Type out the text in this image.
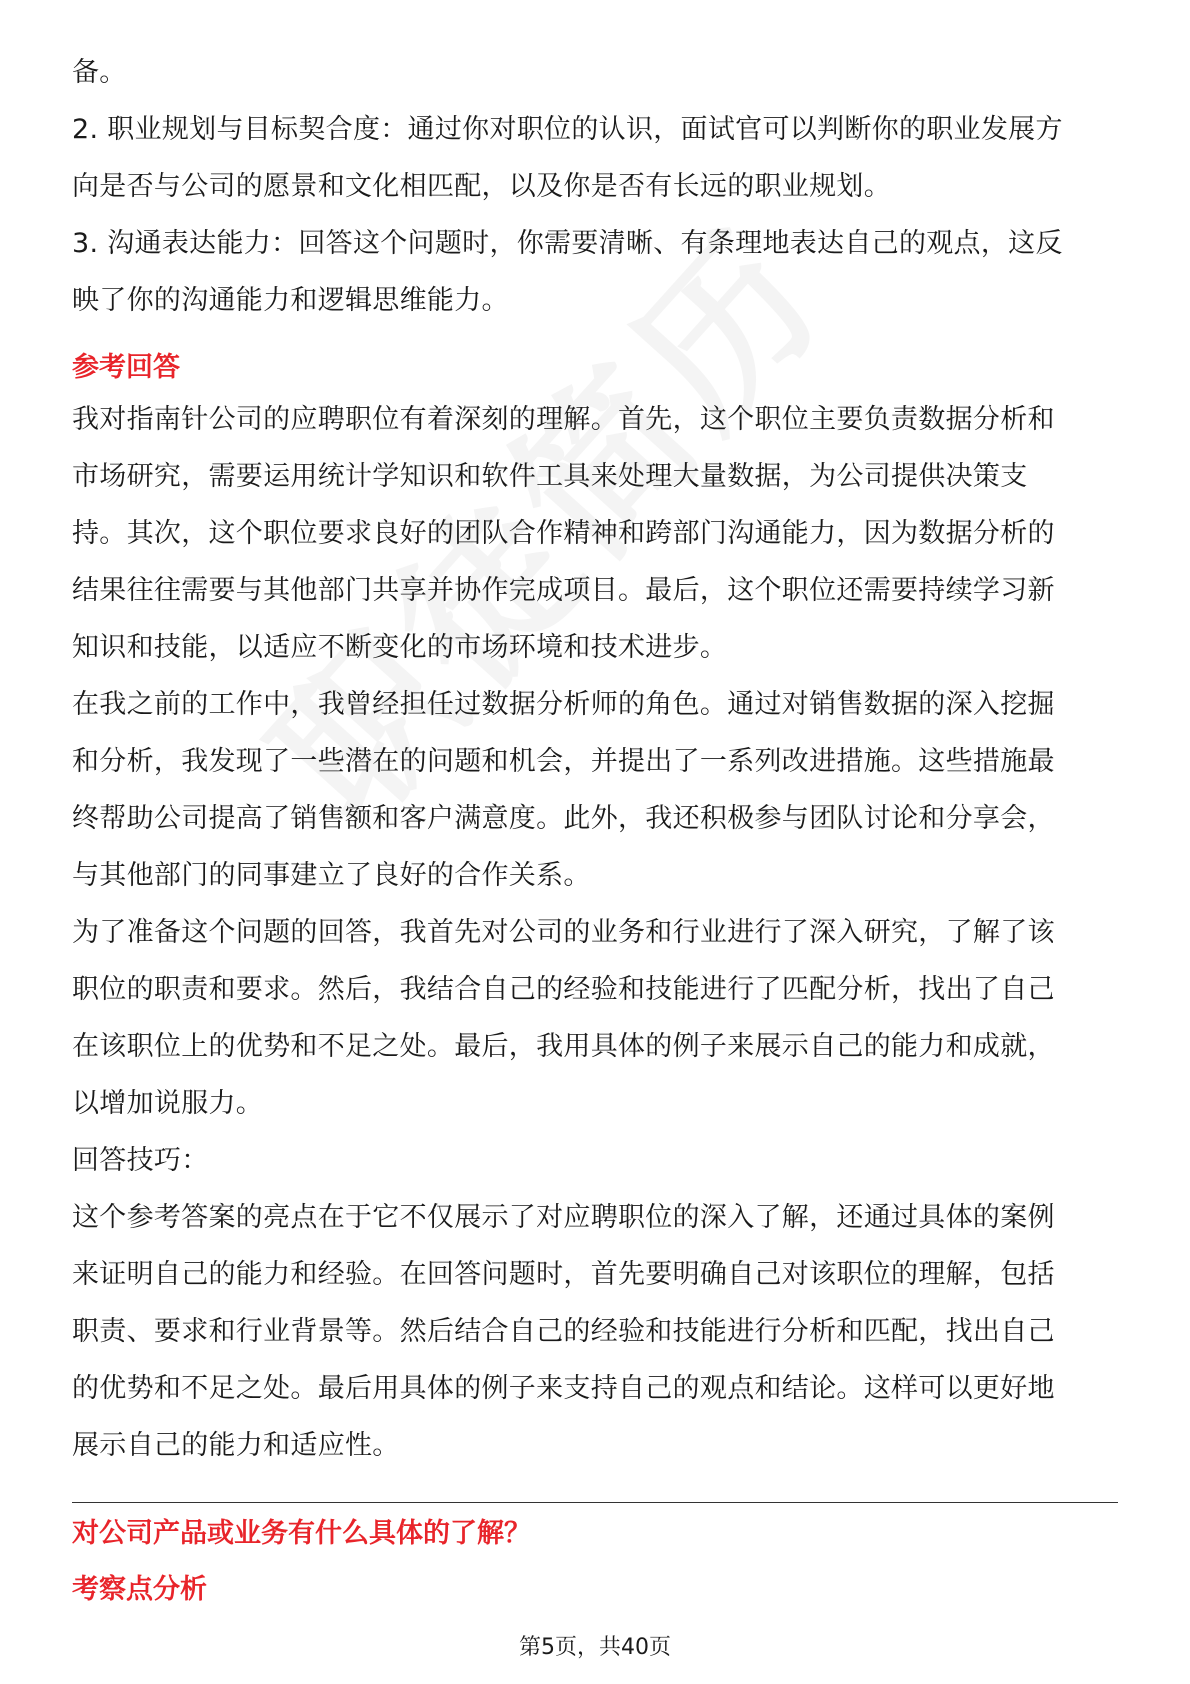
备。

2. 职业规划与目标契合度：通过你对职位的认识，面试官可以判断你的职业发展方

向是否与公司的愿景和文化相匹配，以及你是否有长远的职业规划。

3. 沟通表达能力：回答这个问题时，你需要清晰、有条理地表达自己的观点，这反

映了你的沟通能力和逻辑思维能力。

参考回答

我对指南针公司的应聘职位有着深刻的理解。首先，这个职位主要负责数据分析和

市场研究，需要运用统计学知识和软件工具来处理大量数据，为公司提供决策支

持。其次，这个职位要求良好的团队合作精神和跨部门沟通能力，因为数据分析的

结果往往需要与其他部门共享并协作完成项目。最后，这个职位还需要持续学习新

知识和技能，以适应不断变化的市场环境和技术进步。

在我之前的工作中，我曾经担任过数据分析师的角色。通过对销售数据的深入挖掘

和分析，我发现了一些潜在的问题和机会，并提出了一系列改进措施。这些措施最

终帮助公司提高了销售额和客户满意度。此外，我还积极参与团队讨论和分享会，

与其他部门的同事建立了良好的合作关系。

为了准备这个问题的回答，我首先对公司的业务和行业进行了深入研究，了解了该

职位的职责和要求。然后，我结合自己的经验和技能进行了匹配分析，找出了自己

在该职位上的优势和不足之处。最后，我用具体的例子来展示自己的能力和成就，

以增加说服力。

回答技巧：

这个参考答案的亮点在于它不仅展示了对应聘职位的深入了解，还通过具体的案例

来证明自己的能力和经验。在回答问题时，首先要明确自己对该职位的理解，包括

职责、要求和行业背景等。然后结合自己的经验和技能进行分析和匹配，找出自己

的优势和不足之处。最后用具体的例子来支持自己的观点和结论。这样可以更好地

展示自己的能力和适应性。

对公司产品或业务有什么具体的了解？
考察点分析
第5页，共40页
